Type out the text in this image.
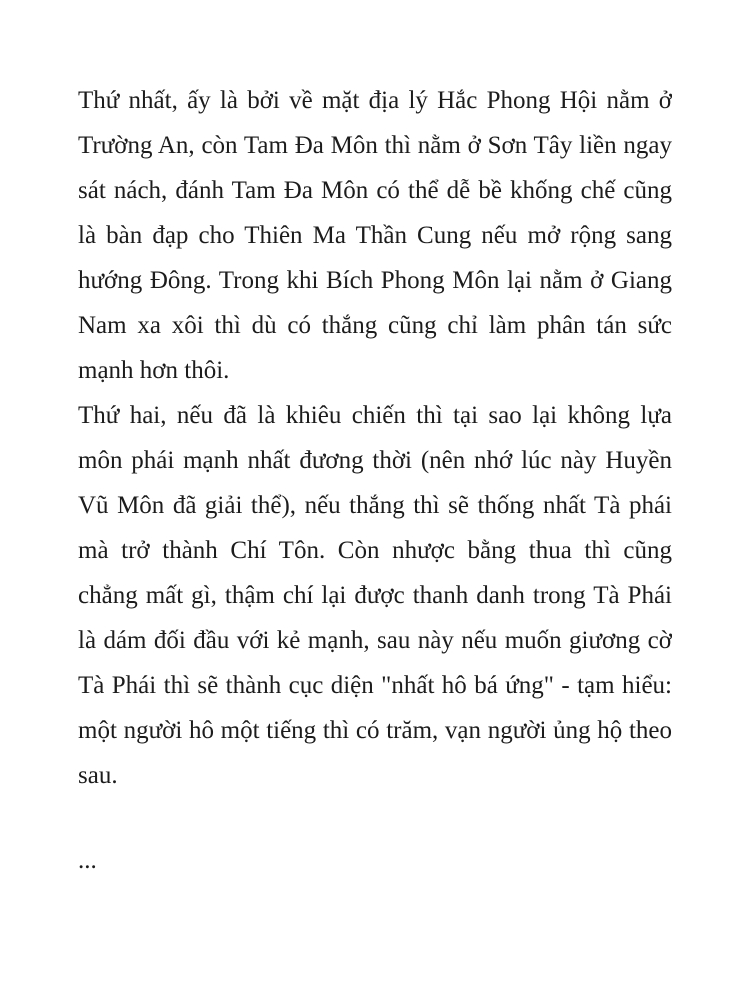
Thứ nhất, ấy là bởi về mặt địa lý Hắc Phong Hội nằm ở
Trường An, còn Tam Đa Môn thì nằm ở Sơn Tây liền ngay
sát nách, đánh Tam Đa Môn có thể dễ bề khống chế cũng
là bàn đạp cho Thiên Ma Thần Cung nếu mở rộng sang
hướng Đông. Trong khi Bích Phong Môn lại nằm ở Giang
Nam xa xôi thì dù có thắng cũng chỉ làm phân tán sức
mạnh hơn thôi.
Thứ hai, nếu đã là khiêu chiến thì tại sao lại không lựa
môn phái mạnh nhất đương thời (nên nhớ lúc này Huyền
Vũ Môn đã giải thể), nếu thắng thì sẽ thống nhất Tà phái
mà trở thành Chí Tôn. Còn nhược bằng thua thì cũng
chẳng mất gì, thậm chí lại được thanh danh trong Tà Phái
là dám đối đầu với kẻ mạnh, sau này nếu muốn giương cờ
Tà Phái thì sẽ thành cục diện "nhất hô bá ứng" - tạm hiểu:
một người hô một tiếng thì có trăm, vạn người ủng hộ theo
sau.
...
